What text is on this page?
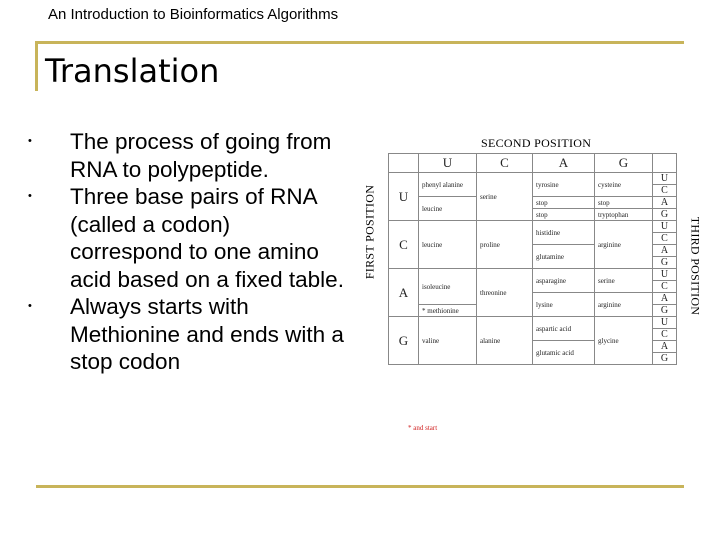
An Introduction to Bioinformatics Algorithms
Translation
• The process of going from RNA to polypeptide.
• Three base pairs of RNA (called a codon) correspond to one amino acid based on a fixed table.
• Always starts with Methionine and ends with a stop codon
SECOND POSITION
FIRST POSITION	THIRD POSITION
	U	C	A	G	
U	phenyl alanine	serine	tyrosine	cysteine	U
					C
	leucine		stop	stop	A
			stop	tryptophan	G
C	leucine	proline	histidine	arginine	U
					C
			glutamine		A
					G
A	isoleucine	threonine	asparagine	serine	U
					C
			lysine	arginine	A
	* methionine				G
G	valine	alanine	aspartic acid	glycine	U
					C
			glutamic acid		A
					G
* and start
